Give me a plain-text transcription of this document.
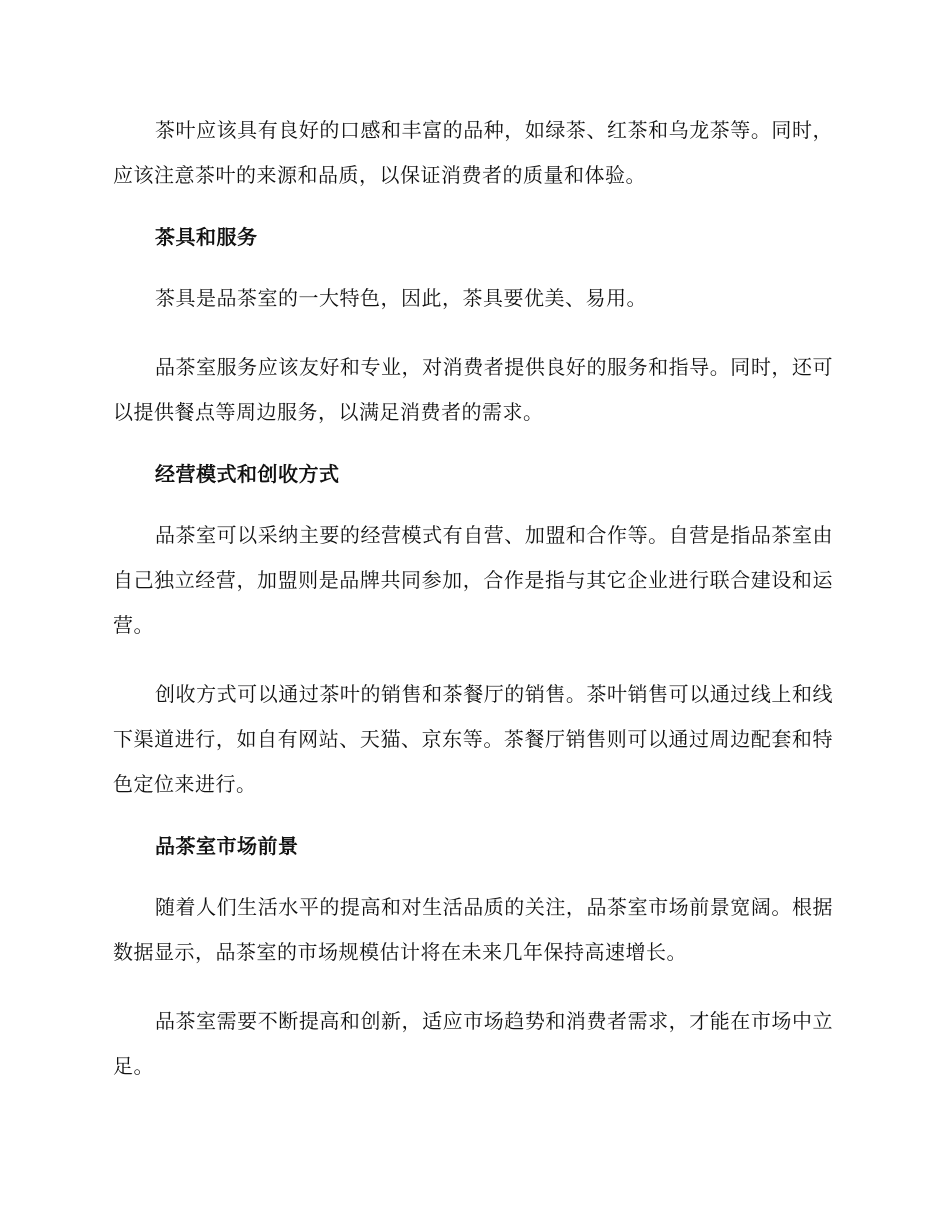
茶叶应该具有良好的口感和丰富的品种，如绿茶、红茶和乌龙茶等。同时，应该注意茶叶的来源和品质，以保证消费者的质量和体验。

茶具和服务

茶具是品茶室的一大特色，因此，茶具要优美、易用。

品茶室服务应该友好和专业，对消费者提供良好的服务和指导。同时，还可以提供餐点等周边服务，以满足消费者的需求。

经营模式和创收方式

品茶室可以采纳主要的经营模式有自营、加盟和合作等。自营是指品茶室由自己独立经营，加盟则是品牌共同参加，合作是指与其它企业进行联合建设和运营。

创收方式可以通过茶叶的销售和茶餐厅的销售。茶叶销售可以通过线上和线下渠道进行，如自有网站、天猫、京东等。茶餐厅销售则可以通过周边配套和特色定位来进行。

品茶室市场前景

随着人们生活水平的提高和对生活品质的关注，品茶室市场前景宽阔。根据数据显示，品茶室的市场规模估计将在未来几年保持高速增长。

品茶室需要不断提高和创新，适应市场趋势和消费者需求，才能在市场中立足。
